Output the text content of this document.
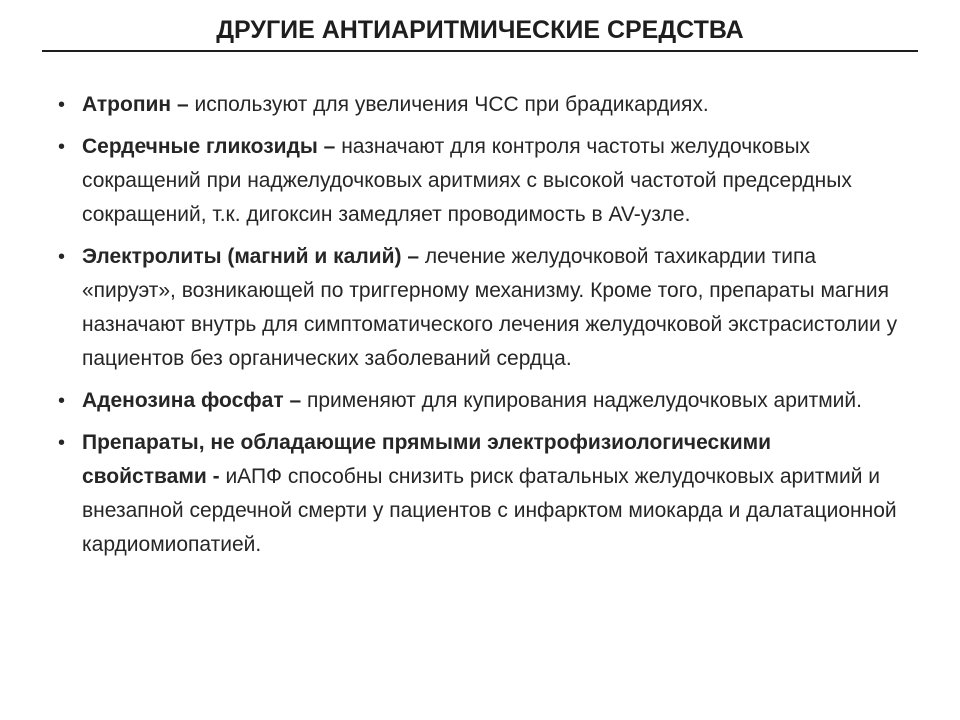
ДРУГИЕ АНТИАРИТМИЧЕСКИЕ СРЕДСТВА
• Атропин – используют для увеличения ЧСС при брадикардиях.
• Сердечные гликозиды – назначают для контроля частоты желудочковых сокращений при наджелудочковых аритмиях с высокой частотой предсердных сокращений, т.к. дигоксин замедляет проводимость в AV-узле.
• Электролиты (магний и калий) – лечение желудочковой тахикардии типа «пируэт», возникающей по триггерному механизму. Кроме того, препараты магния назначают внутрь для симптоматического лечения желудочковой экстрасистолии у пациентов без органических заболеваний сердца.
• Аденозина фосфат – применяют для купирования наджелудочковых аритмий.
• Препараты, не обладающие прямыми электрофизиологическими свойствами - иАПФ способны снизить риск фатальных желудочковых аритмий и внезапной сердечной смерти у пациентов с инфарктом миокарда и далатационной кардиомиопатией.
